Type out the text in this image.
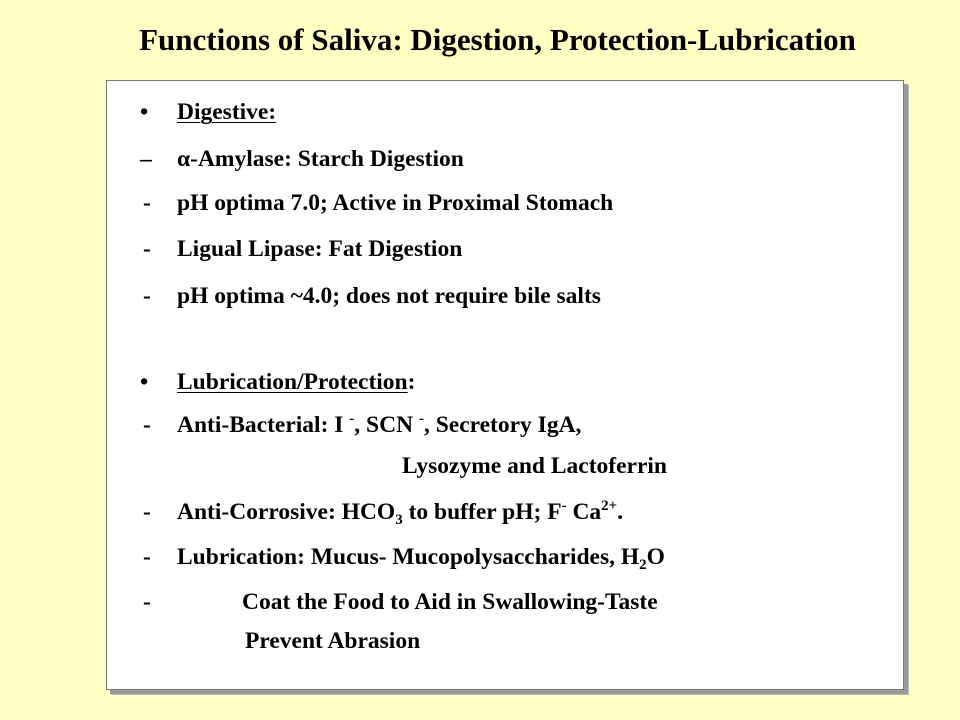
Functions of Saliva: Digestion, Protection-Lubrication
• Digestive:
– α-Amylase: Starch Digestion
- pH optima 7.0; Active in Proximal Stomach
- Ligual Lipase: Fat Digestion
- pH optima ~4.0; does not require bile salts
• Lubrication/Protection:
- Anti-Bacterial: I -, SCN -, Secretory IgA,
Lysozyme and Lactoferrin
- Anti-Corrosive: $HCO_3$ to buffer pH; F- $Ca^{2+}$.
- Lubrication: Mucus- Mucopolysaccharides, $H_2O$
-	Coat the Food to Aid in Swallowing-Taste
Prevent Abrasion
